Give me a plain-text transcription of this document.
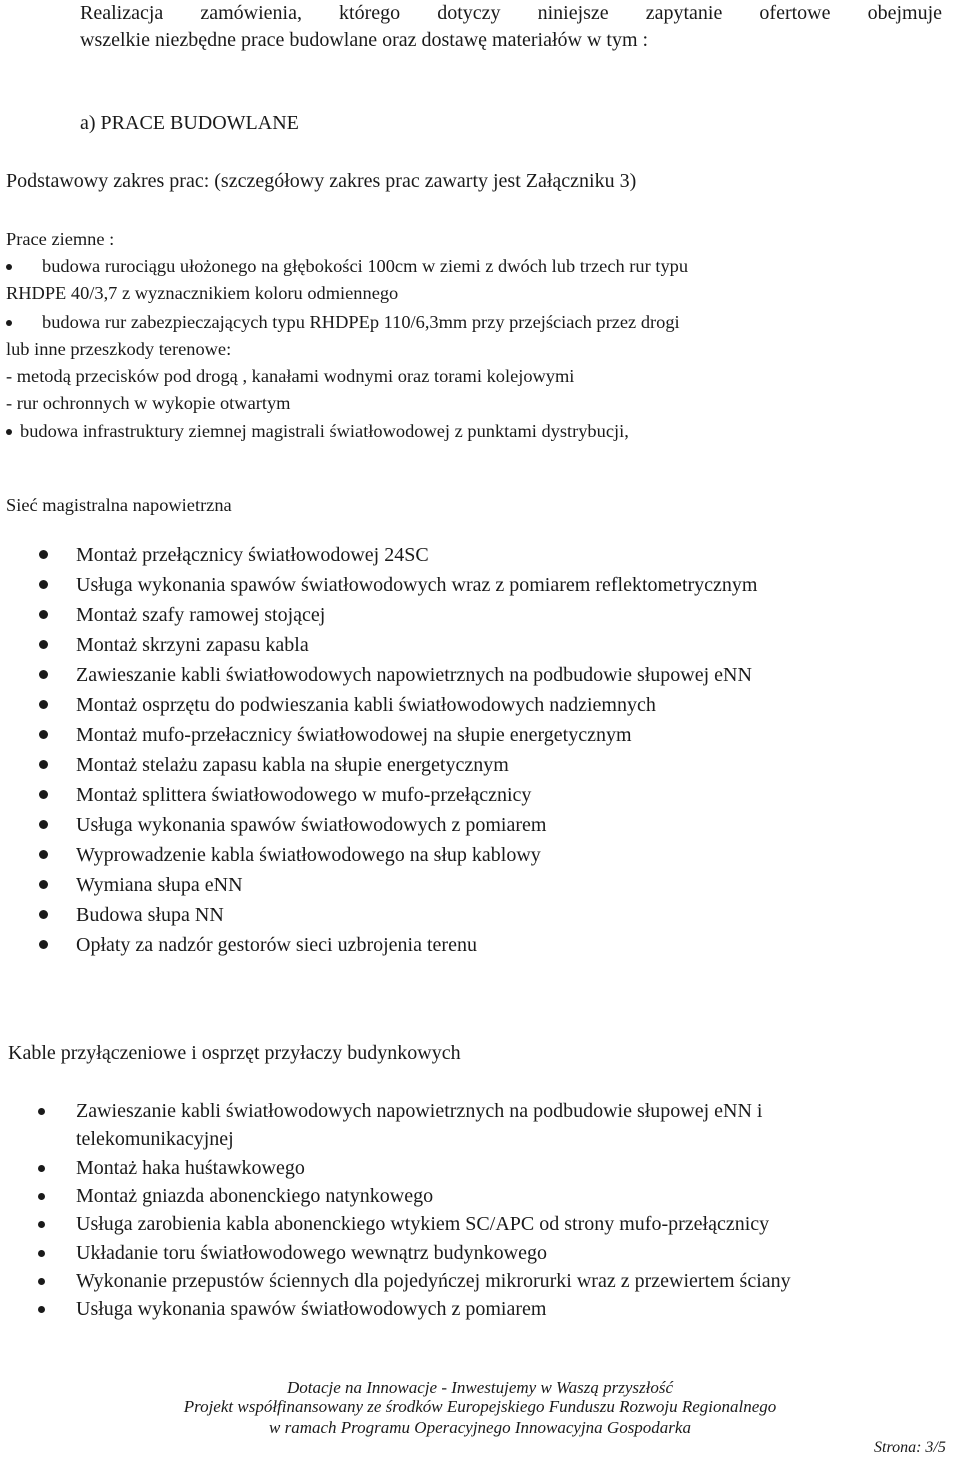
Realizacja zamówienia, którego dotyczy niniejsze zapytanie ofertowe obejmuje
wszelkie niezbędne prace budowlane oraz dostawę materiałów w tym :
a) PRACE BUDOWLANE
Podstawowy zakres prac: (szczegółowy zakres prac zawarty jest Załączniku 3)
Prace ziemne :
budowa rurociągu ułożonego na głębokości 100cm w ziemi z dwóch lub trzech rur typu
RHDPE 40/3,7 z wyznacznikiem koloru odmiennego
budowa rur zabezpieczających typu RHDPEp 110/6,3mm przy przejściach przez drogi
lub inne przeszkody terenowe:
- metodą przecisków pod drogą , kanałami wodnymi oraz torami kolejowymi
- rur ochronnych w wykopie otwartym
budowa infrastruktury ziemnej magistrali światłowodowej z punktami dystrybucji,
Sieć magistralna napowietrzna
Montaż przełącznicy światłowodowej 24SC
Usługa wykonania spawów światłowodowych wraz z pomiarem reflektometrycznym
Montaż szafy ramowej stojącej
Montaż skrzyni zapasu kabla
Zawieszanie kabli światłowodowych napowietrznych na podbudowie słupowej eNN
Montaż osprzętu do podwieszania kabli światłowodowych nadziemnych
Montaż mufo-przełacznicy światłowodowej na słupie energetycznym
Montaż stelażu zapasu kabla na słupie energetycznym
Montaż splittera światłowodowego w mufo-przełącznicy
Usługa wykonania spawów światłowodowych z pomiarem
Wyprowadzenie kabla światłowodowego na słup kablowy
Wymiana słupa eNN
Budowa słupa NN
Opłaty za nadzór gestorów sieci uzbrojenia terenu
Kable przyłączeniowe i osprzęt przyłaczy budynkowych
Zawieszanie kabli światłowodowych napowietrznych na podbudowie słupowej eNN i
telekomunikacyjnej
Montaż haka huśtawkowego
Montaż gniazda abonenckiego natynkowego
Usługa zarobienia kabla abonenckiego wtykiem SC/APC od strony mufo-przełącznicy
Układanie toru światłowodowego wewnątrz budynkowego
Wykonanie przepustów ściennych dla pojedyńczej mikrorurki wraz z przewiertem ściany
Usługa wykonania spawów światłowodowych z pomiarem
Dotacje na Innowacje - Inwestujemy w Waszą przyszłość
Projekt współfinansowany ze środków Europejskiego Funduszu Rozwoju Regionalnego
w ramach Programu Operacyjnego Innowacyjna Gospodarka
Strona: 3/5
